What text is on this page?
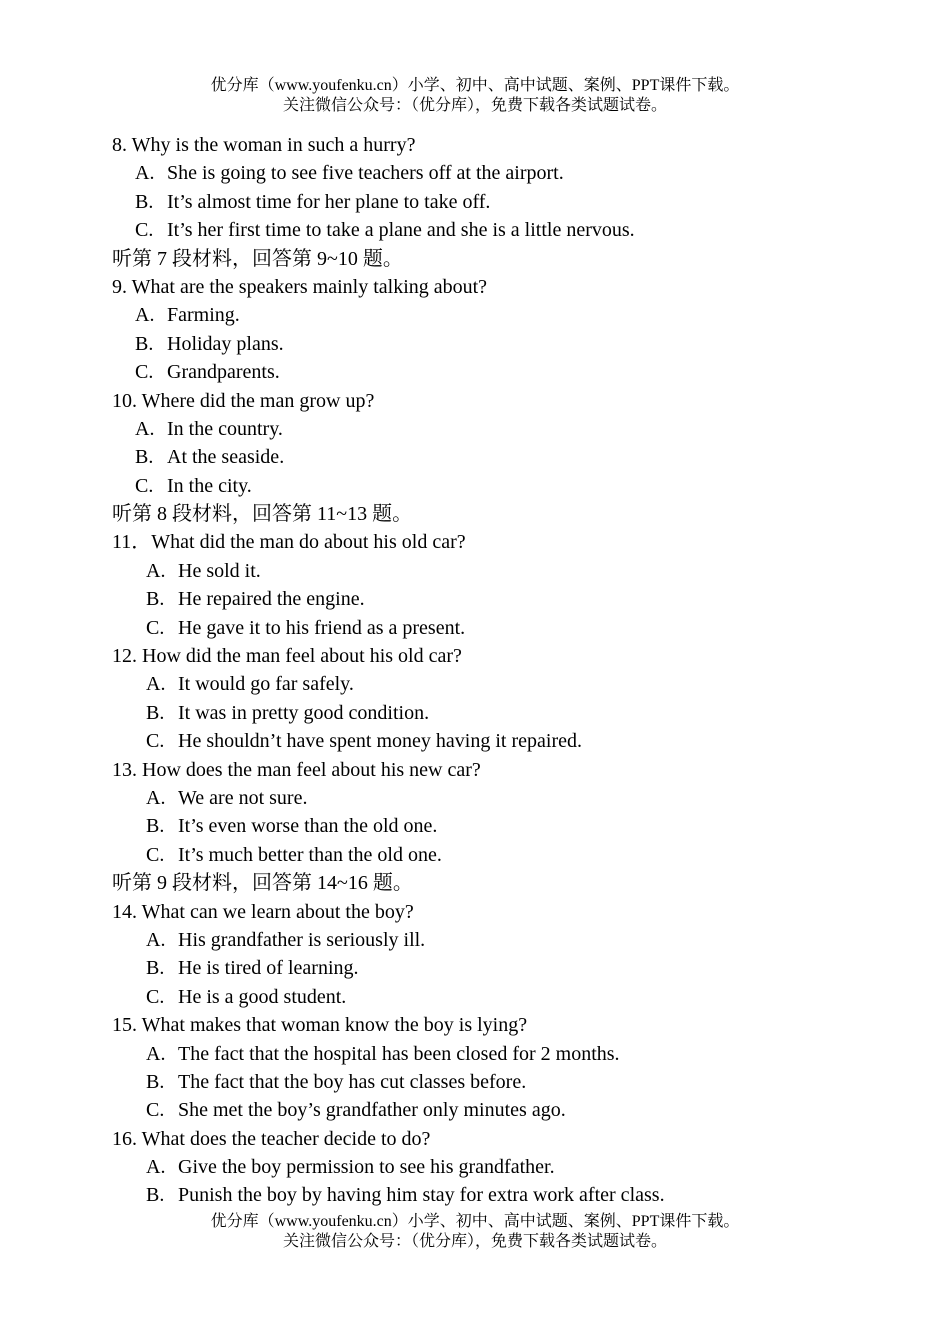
优分库（www.youfenku.cn）小学、初中、高中试题、案例、PPT课件下载。
关注微信公众号：（优分库），免费下载各类试题试卷。
8. Why is the woman in such a hurry?
A. She is going to see five teachers off at the airport.
B. It’s almost time for her plane to take off.
C. It’s her first time to take a plane and she is a little nervous.
听第 7 段材料，回答第 9~10 题。
9. What are the speakers mainly talking about?
A. Farming.
B. Holiday plans.
C. Grandparents.
10. Where did the man grow up?
A. In the country.
B. At the seaside.
C. In the city.
听第 8 段材料，回答第 11~13 题。
11．What did the man do about his old car?
A. He sold it.
B. He repaired the engine.
C. He gave it to his friend as a present.
12. How did the man feel about his old car?
A. It would go far safely.
B. It was in pretty good condition.
C. He shouldn’t have spent money having it repaired.
13. How does the man feel about his new car?
A. We are not sure.
B. It’s even worse than the old one.
C. It’s much better than the old one.
听第 9 段材料，回答第 14~16 题。
14. What can we learn about the boy?
A. His grandfather is seriously ill.
B. He is tired of learning.
C. He is a good student.
15. What makes that woman know the boy is lying?
A. The fact that the hospital has been closed for 2 months.
B. The fact that the boy has cut classes before.
C. She met the boy’s grandfather only minutes ago.
16. What does the teacher decide to do?
A. Give the boy permission to see his grandfather.
B. Punish the boy by having him stay for extra work after class.
优分库（www.youfenku.cn）小学、初中、高中试题、案例、PPT课件下载。
关注微信公众号：（优分库），免费下载各类试题试卷。
